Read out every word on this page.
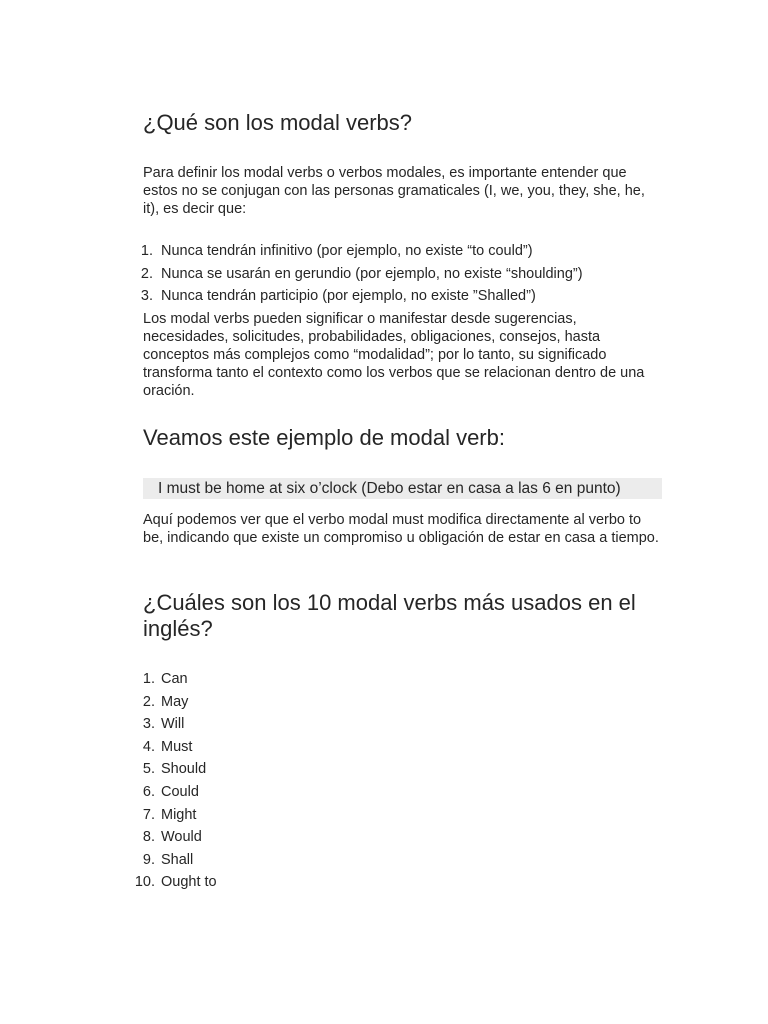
¿Qué son los modal verbs?

Para definir los modal verbs o verbos modales, es importante entender que estos no se conjugan con las personas gramaticales (I, we, you, they, she, he, it), es decir que:

1. Nunca tendrán infinitivo (por ejemplo, no existe “to could”)
2. Nunca se usarán en gerundio (por ejemplo, no existe “shoulding”)
3. Nunca tendrán participio (por ejemplo, no existe ”Shalled”)

Los modal verbs pueden significar o manifestar desde sugerencias, necesidades, solicitudes, probabilidades, obligaciones, consejos, hasta conceptos más complejos como “modalidad”; por lo tanto, su significado transforma tanto el contexto como los verbos que se relacionan dentro de una oración.

Veamos este ejemplo de modal verb:
I must be home at six o’clock (Debo estar en casa a las 6 en punto)

Aquí podemos ver que el verbo modal must modifica directamente al verbo to be, indicando que existe un compromiso u obligación de estar en casa a tiempo.

¿Cuáles son los 10 modal verbs más usados en el inglés?
1. Can
2. May
3. Will
4. Must
5. Should
6. Could
7. Might
8. Would
9. Shall
10. Ought to
